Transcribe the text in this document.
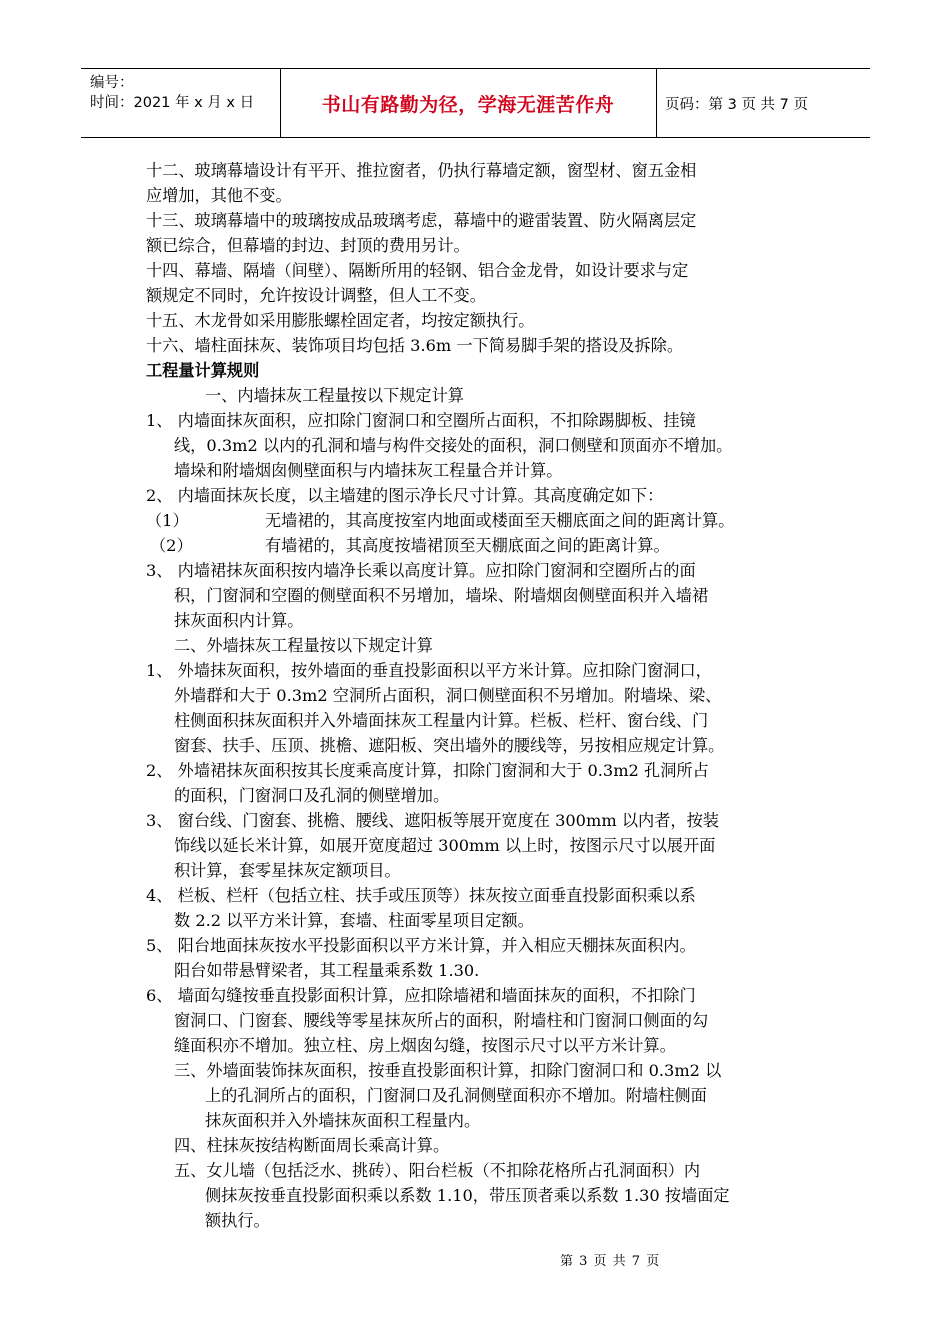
编号：
时间：2021 年 x 月 x 日	书山有路勤为径，学海无涯苦作舟	页码：第 3 页 共 7 页
十二、玻璃幕墙设计有平开、推拉窗者，仍执行幕墙定额，窗型材、窗五金相
应增加，其他不变。
十三、玻璃幕墙中的玻璃按成品玻璃考虑，幕墙中的避雷装置、防火隔离层定
额已综合，但幕墙的封边、封顶的费用另计。
十四、幕墙、隔墙（间壁）、隔断所用的轻钢、铝合金龙骨，如设计要求与定
额规定不同时，允许按设计调整，但人工不变。
十五、木龙骨如采用膨胀螺栓固定者，均按定额执行。
十六、墙柱面抹灰、装饰项目均包括 3.6m 一下简易脚手架的搭设及拆除。
工程量计算规则
一、内墙抹灰工程量按以下规定计算
1、 内墙面抹灰面积，应扣除门窗洞口和空圈所占面积，不扣除踢脚板、挂镜
线，0.3m2 以内的孔洞和墙与构件交接处的面积，洞口侧壁和顶面亦不增加。
墙垛和附墙烟囱侧壁面积与内墙抹灰工程量合并计算。
2、 内墙面抹灰长度，以主墙建的图示净长尺寸计算。其高度确定如下：
（1）	无墙裙的，其高度按室内地面或楼面至天棚底面之间的距离计算。
（2）	有墙裙的，其高度按墙裙顶至天棚底面之间的距离计算。
3、 内墙裙抹灰面积按内墙净长乘以高度计算。应扣除门窗洞和空圈所占的面
积，门窗洞和空圈的侧壁面积不另增加，墙垛、附墙烟囱侧壁面积并入墙裙
抹灰面积内计算。
二、外墙抹灰工程量按以下规定计算
1、 外墙抹灰面积，按外墙面的垂直投影面积以平方米计算。应扣除门窗洞口，
外墙群和大于 0.3m2 空洞所占面积，洞口侧壁面积不另增加。附墙垛、梁、
柱侧面积抹灰面积并入外墙面抹灰工程量内计算。栏板、栏杆、窗台线、门
窗套、扶手、压顶、挑檐、遮阳板、突出墙外的腰线等，另按相应规定计算。
2、 外墙裙抹灰面积按其长度乘高度计算，扣除门窗洞和大于 0.3m2 孔洞所占
的面积，门窗洞口及孔洞的侧壁增加。
3、 窗台线、门窗套、挑檐、腰线、遮阳板等展开宽度在 300mm 以内者，按装
饰线以延长米计算，如展开宽度超过 300mm 以上时，按图示尺寸以展开面
积计算，套零星抹灰定额项目。
4、 栏板、栏杆（包括立柱、扶手或压顶等）抹灰按立面垂直投影面积乘以系
数 2.2 以平方米计算，套墙、柱面零星项目定额。
5、 阳台地面抹灰按水平投影面积以平方米计算，并入相应天棚抹灰面积内。
阳台如带悬臂梁者，其工程量乘系数 1.30.
6、 墙面勾缝按垂直投影面积计算，应扣除墙裙和墙面抹灰的面积，不扣除门
窗洞口、门窗套、腰线等零星抹灰所占的面积，附墙柱和门窗洞口侧面的勾
缝面积亦不增加。独立柱、房上烟囱勾缝，按图示尺寸以平方米计算。
三、外墙面装饰抹灰面积，按垂直投影面积计算，扣除门窗洞口和 0.3m2 以
上的孔洞所占的面积，门窗洞口及孔洞侧壁面积亦不增加。附墙柱侧面
抹灰面积并入外墙抹灰面积工程量内。
四、柱抹灰按结构断面周长乘高计算。
五、女儿墙（包括泛水、挑砖）、阳台栏板（不扣除花格所占孔洞面积）内
侧抹灰按垂直投影面积乘以系数 1.10，带压顶者乘以系数 1.30 按墙面定
额执行。
第 3 页 共 7 页
